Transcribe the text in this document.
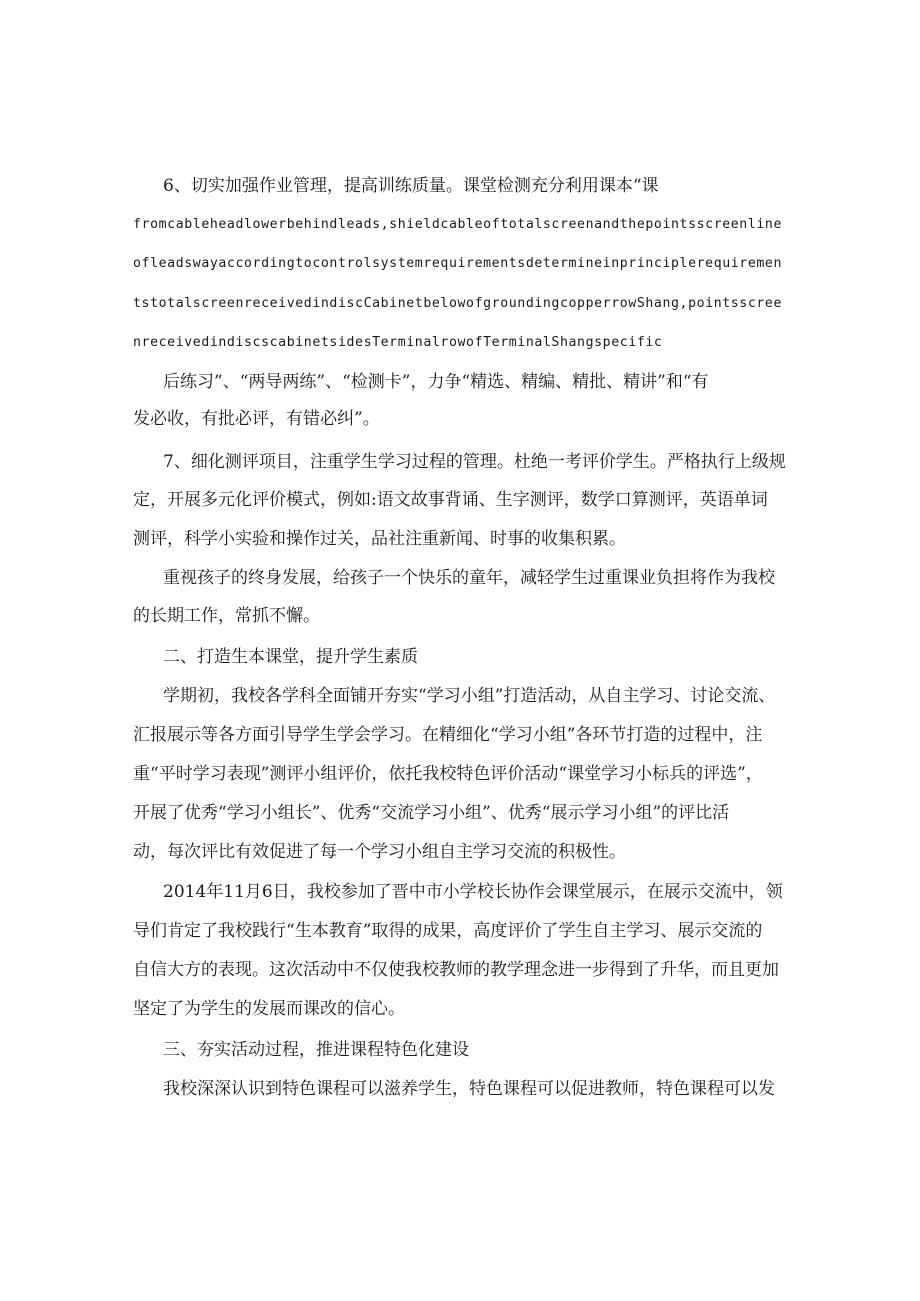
6、切实加强作业管理，提高训练质量。课堂检测充分利用课本“课
fromcableheadlowerbehindleads,shieldcableoftotalscreenandthepointsscreenline
ofleadswayaccordingtocontrolsystemrequirementsdetermineinprinciplerequiremen
tstotalscreenreceivedindiscCabinetbelowofgroundingcopperrowShang,pointsscree
nreceivedindiscscabinetsidesTerminalrowofTerminalShangspecific
后练习”、“两导两练”、“检测卡”，力争“精选、精编、精批、精讲”和“有
发必收，有批必评，有错必纠”。
7、细化测评项目，注重学生学习过程的管理。杜绝一考评价学生。严格执行上级规
定，开展多元化评价模式，例如:语文故事背诵、生字测评，数学口算测评，英语单词
测评，科学小实验和操作过关，品社注重新闻、时事的收集积累。
重视孩子的终身发展，给孩子一个快乐的童年，减轻学生过重课业负担将作为我校
的长期工作，常抓不懈。
二、打造生本课堂，提升学生素质
学期初，我校各学科全面铺开夯实“学习小组”打造活动，从自主学习、讨论交流、
汇报展示等各方面引导学生学会学习。在精细化“学习小组”各环节打造的过程中，注
重“平时学习表现”测评小组评价，依托我校特色评价活动“课堂学习小标兵的评选”，
开展了优秀“学习小组长”、优秀“交流学习小组”、优秀“展示学习小组”的评比活
动，每次评比有效促进了每一个学习小组自主学习交流的积极性。
2014年11月6日，我校参加了晋中市小学校长协作会课堂展示，在展示交流中，领
导们肯定了我校践行“生本教育”取得的成果，高度评价了学生自主学习、展示交流的
自信大方的表现。这次活动中不仅使我校教师的教学理念进一步得到了升华，而且更加
坚定了为学生的发展而课改的信心。
三、夯实活动过程，推进课程特色化建设
我校深深认识到特色课程可以滋养学生，特色课程可以促进教师，特色课程可以发
